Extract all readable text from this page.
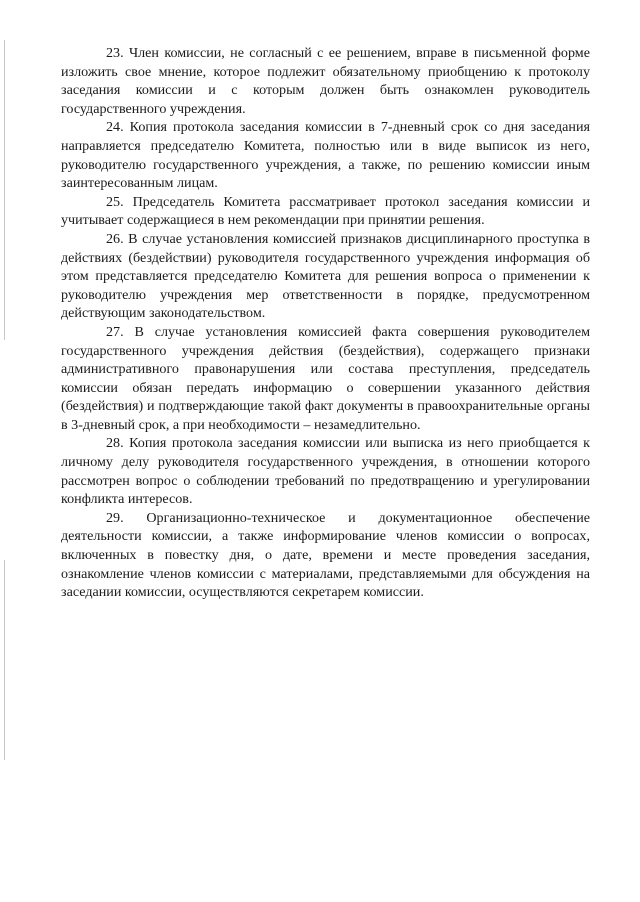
23. Член комиссии, не согласный с ее решением, вправе в письменной форме изложить свое мнение, которое подлежит обязательному приобщению к протоколу заседания комиссии и с которым должен быть ознакомлен руководитель государственного учреждения.

24. Копия протокола заседания комиссии в 7-дневный срок со дня заседания направляется председателю Комитета, полностью или в виде выписок из него, руководителю государственного учреждения, а также, по решению комиссии иным заинтересованным лицам.

25. Председатель Комитета рассматривает протокол заседания комиссии и учитывает содержащиеся в нем рекомендации при принятии решения.

26. В случае установления комиссией признаков дисциплинарного проступка в действиях (бездействии) руководителя государственного учреждения информация об этом представляется председателю Комитета для решения вопроса о применении к руководителю учреждения мер ответственности в порядке, предусмотренном действующим законодательством.

27. В случае установления комиссией факта совершения руководителем государственного учреждения действия (бездействия), содержащего признаки административного правонарушения или состава преступления, председатель комиссии обязан передать информацию о совершении указанного действия (бездействия) и подтверждающие такой факт документы в правоохранительные органы в 3-дневный срок, а при необходимости – незамедлительно.

28. Копия протокола заседания комиссии или выписка из него приобщается к личному делу руководителя государственного учреждения, в отношении которого рассмотрен вопрос о соблюдении требований по предотвращению и урегулировании конфликта интересов.

29. Организационно-техническое и документационное обеспечение деятельности комиссии, а также информирование членов комиссии о вопросах, включенных в повестку дня, о дате, времени и месте проведения заседания, ознакомление членов комиссии с материалами, представляемыми для обсуждения на заседании комиссии, осуществляются секретарем комиссии.
